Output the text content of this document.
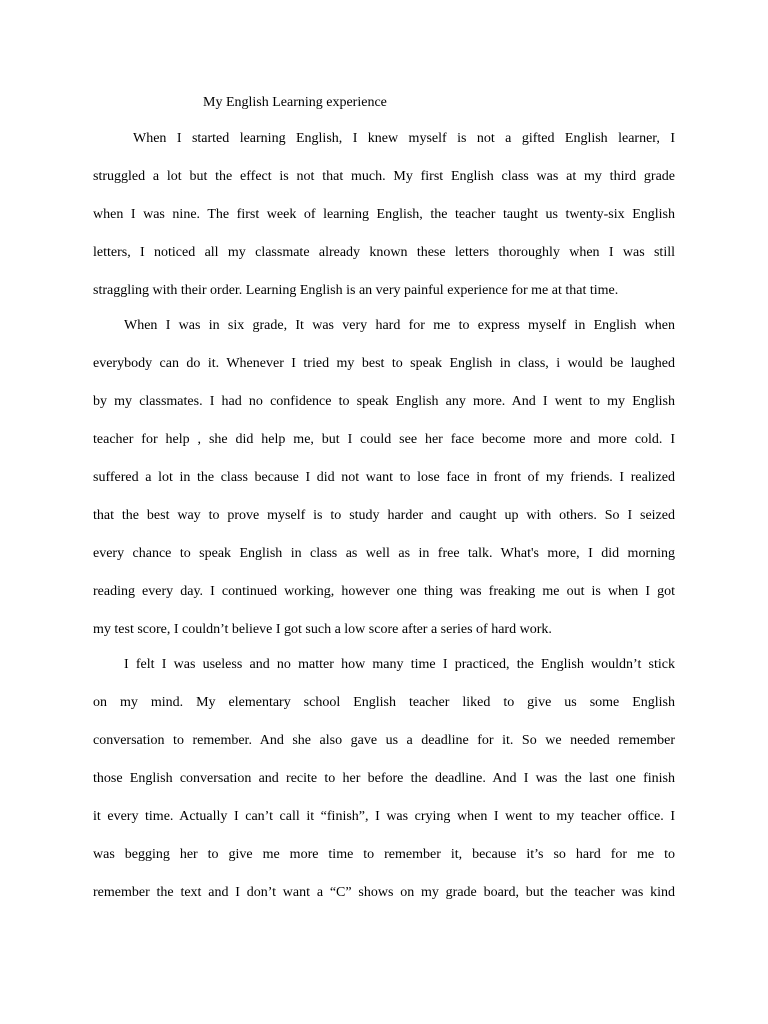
My English Learning experience
When I started learning English, I knew myself is not a gifted English learner, I
struggled a lot but the effect is not that much. My first English class was at my third grade
when I was nine. The first week of learning English, the teacher taught us twenty-six English
letters, I noticed all my classmate already known these letters thoroughly when I was still
straggling with their order. Learning English is an very painful experience for me at that time.
When I was in six grade, It was very hard for me to express myself in English when
everybody can do it. Whenever I tried my best to speak English in class, i would be laughed
by my classmates. I had no confidence to speak English any more. And I went to my English
teacher for help , she did help me, but I could see her face become more and more cold. I
suffered a lot in the class because I did not want to lose face in front of my friends. I realized
that the best way to prove myself is to study harder and caught up with others. So I seized
every chance to speak English in class as well as in free talk. What's more, I did morning
reading every day. I continued working, however one thing was freaking me out is when I got
my test score, I couldn’t believe I got such a low score after a series of hard work.
I felt I was useless and no matter how many time I practiced, the English wouldn’t stick
on my mind. My elementary school English teacher liked to give us some English
conversation to remember. And she also gave us a deadline for it. So we needed remember
those English conversation and recite to her before the deadline. And I was the last one finish
it every time. Actually I can’t call it “finish”, I was crying when I went to my teacher office. I
was begging her to give me more time to remember it, because it’s so hard for me to
remember the text and I don’t want a “C” shows on my grade board, but the teacher was kind
